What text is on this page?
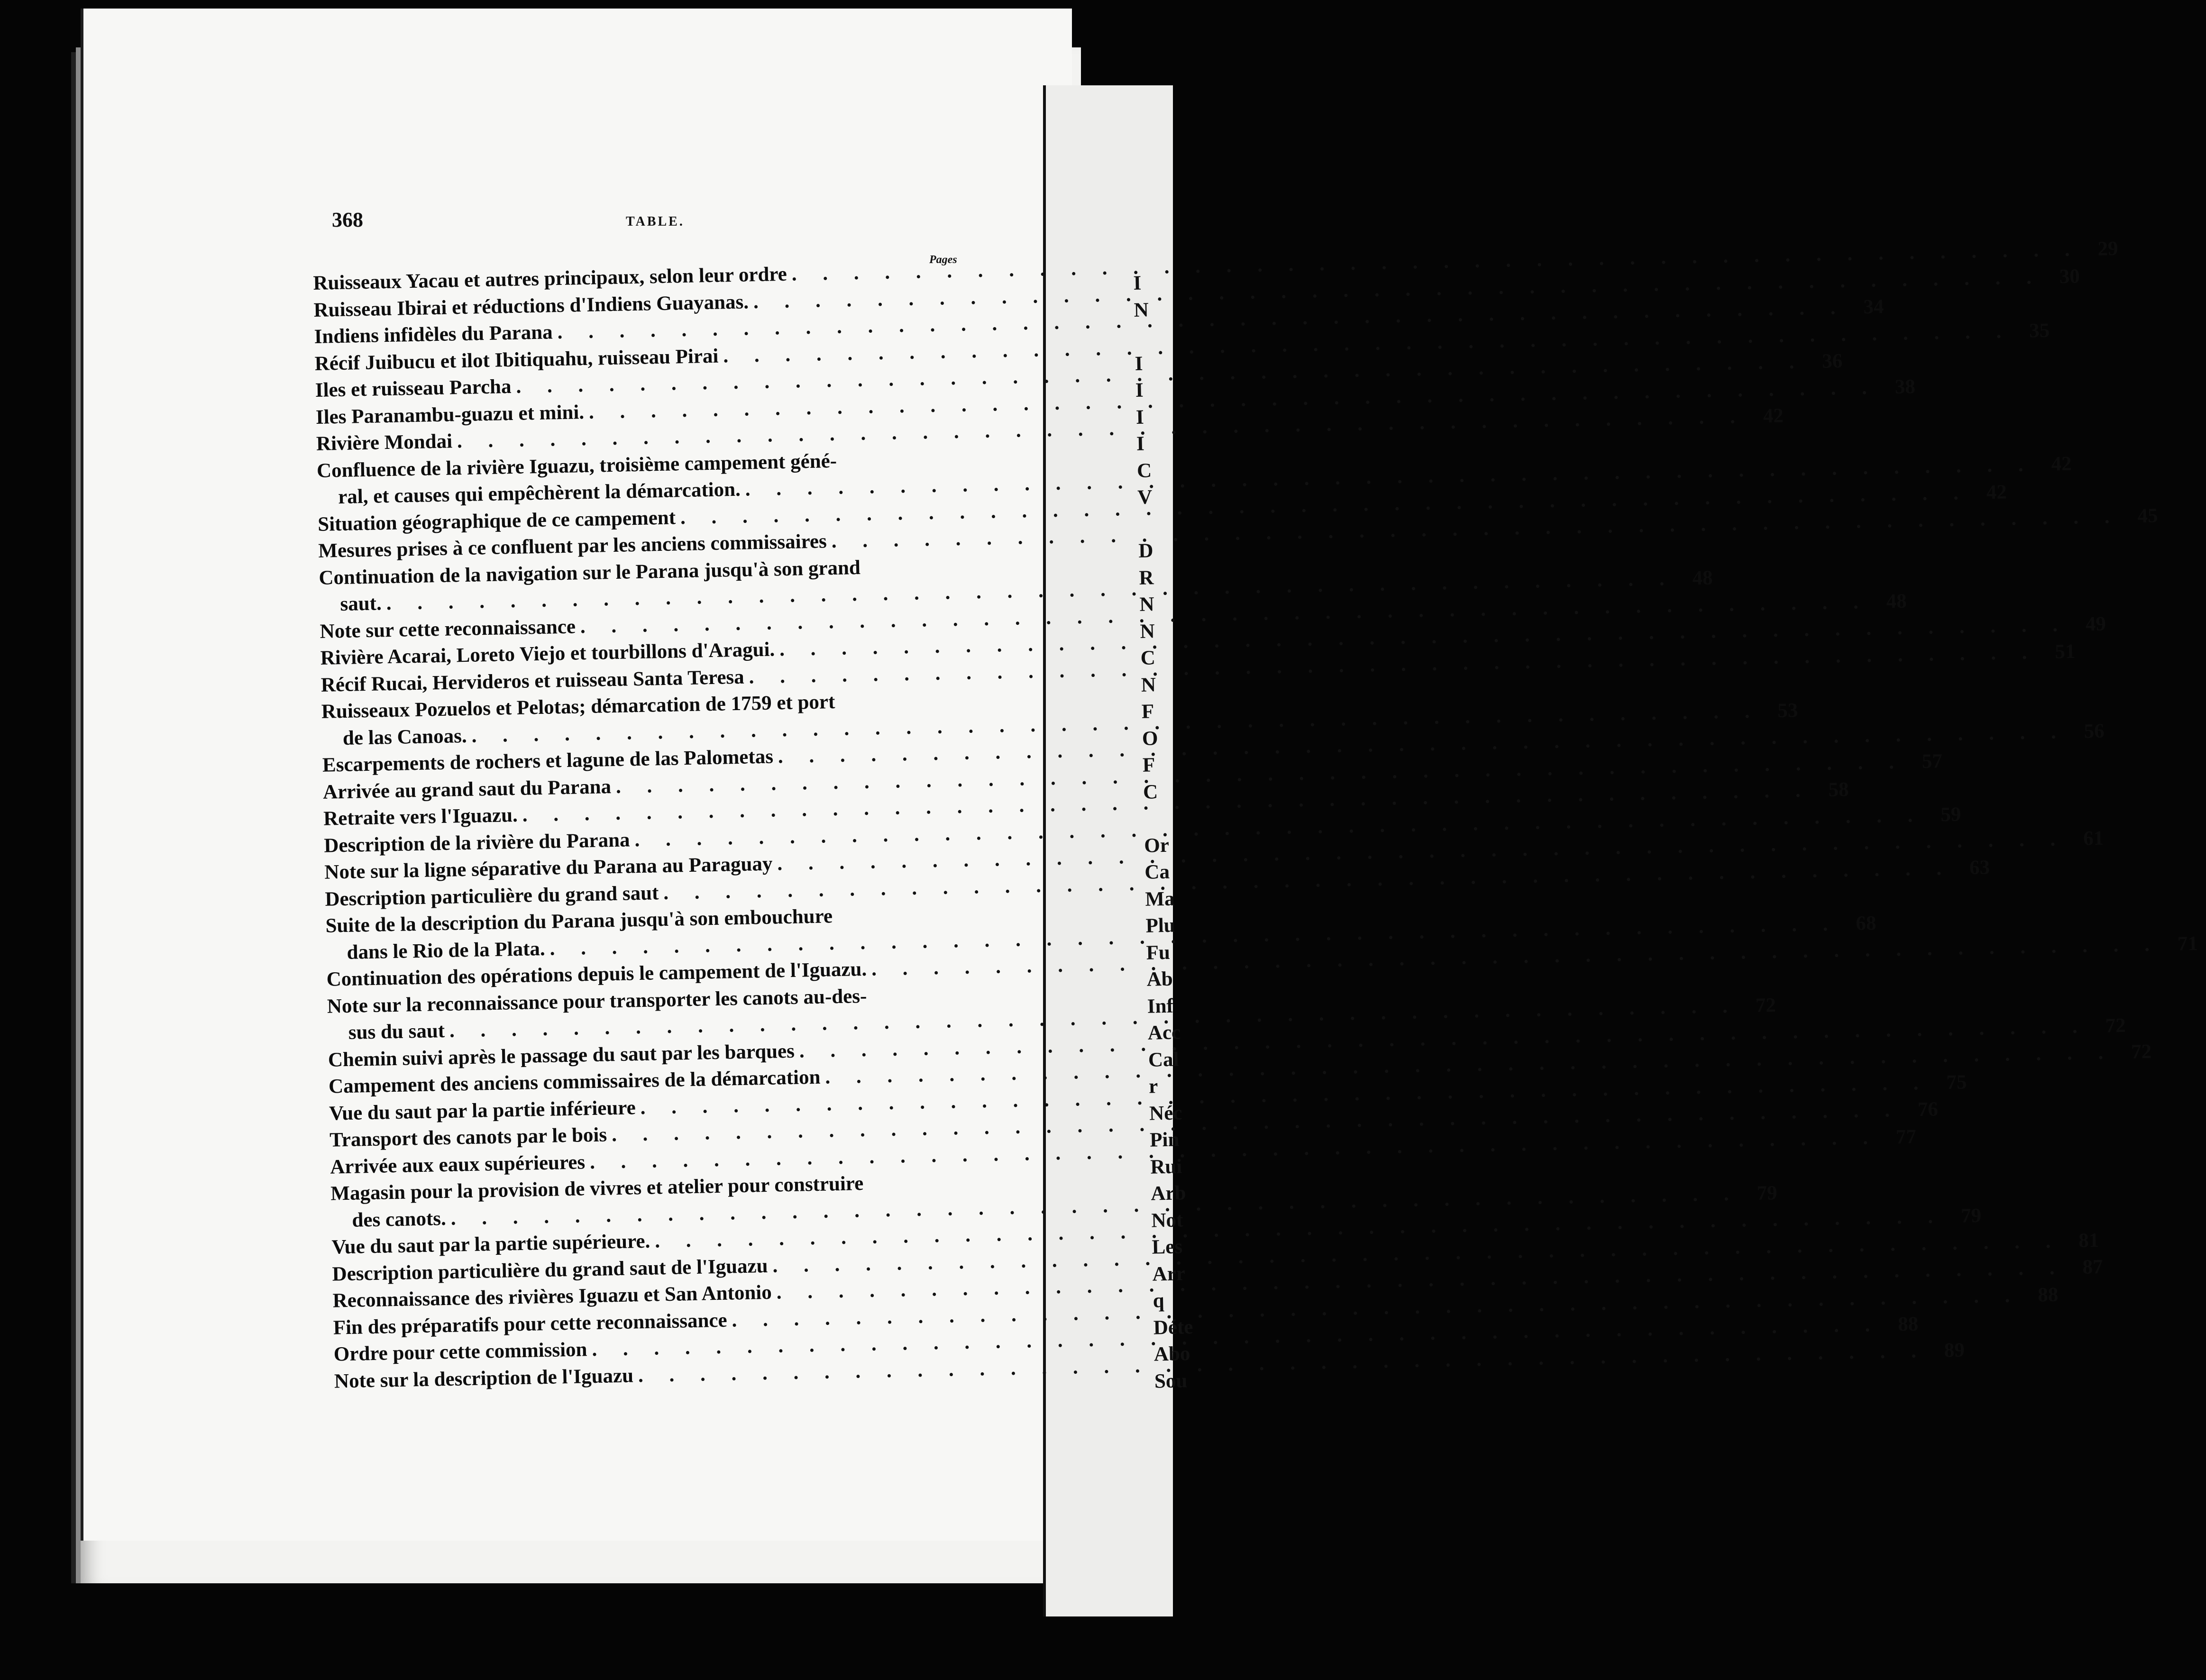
368	TABLE.
Pages
Ruisseaux Yacau et autres principaux, selon leur ordre
. . .
29
Ruisseau Ibirai et réductions d'Indiens Guayanas.
. . .
30
Indiens infidèles du Parana
. . .
34
Récif Juibucu et ilot Ibitiquahu, ruisseau Pirai
. . .
35
Iles et ruisseau Parcha
. . .
36
Iles Paranambu-guazu et mini.
. . .
38
Rivière Mondai
. . .
42
Confluence de la rivière Iguazu, troisième campement géné-
ral, et causes qui empêchèrent la démarcation.
. . .
42
Situation géographique de ce campement
. . .
42
Mesures prises à ce confluent par les anciens commissaires
. . .
45
Continuation de la navigation sur le Parana jusqu'à son grand
saut.
. . .
48
Note sur cette reconnaissance
. . .
48
Rivière Acarai, Loreto Viejo et tourbillons d'Aragui.
. . .
49
Récif Rucai, Hervideros et ruisseau Santa Teresa
. . .
51
Ruisseaux Pozuelos et Pelotas; démarcation de 1759 et port
de las Canoas.
. . .
53
Escarpements de rochers et lagune de las Palometas
. . .
56
Arrivée au grand saut du Parana
. . .
57
Retraite vers l'Iguazu.
. . .
58
Description de la rivière du Parana
. . .
59
Note sur la ligne séparative du Parana au Paraguay
. . .
61
Description particulière du grand saut
. . .
63
Suite de la description du Parana jusqu'à son embouchure
dans le Rio de la Plata.
. . .
68
Continuation des opérations depuis le campement de l'Iguazu.
. . .
71
Note sur la reconnaissance pour transporter les canots au-des-
sus du saut
. . .
72
Chemin suivi après le passage du saut par les barques
. . .
72
Campement des anciens commissaires de la démarcation
. . .
72
Vue du saut par la partie inférieure
. . .
75
Transport des canots par le bois
. . .
76
Arrivée aux eaux supérieures
. . .
77
Magasin pour la provision de vivres et atelier pour construire
des canots.
. . .
79
Vue du saut par la partie supérieure.
. . .
79
Description particulière du grand saut de l'Iguazu
. . .
81
Reconnaissance des rivières Iguazu et San Antonio
. . .
87
Fin des préparatifs pour cette reconnaissance
. . .
88
Ordre pour cette commission
. . .
88
Note sur la description de l'Iguazu
. . .
89
I
N
I
I
I
I
C
V
D
R
N
N
C
N
F
O
F
C
Or
Ca
Ma
Plu
Fu
Ab
Inf
Acc
Cal
r
Néc
Pin
Rui
Arb
Not
Les
Arr
q
Déte
Abo
Sou
